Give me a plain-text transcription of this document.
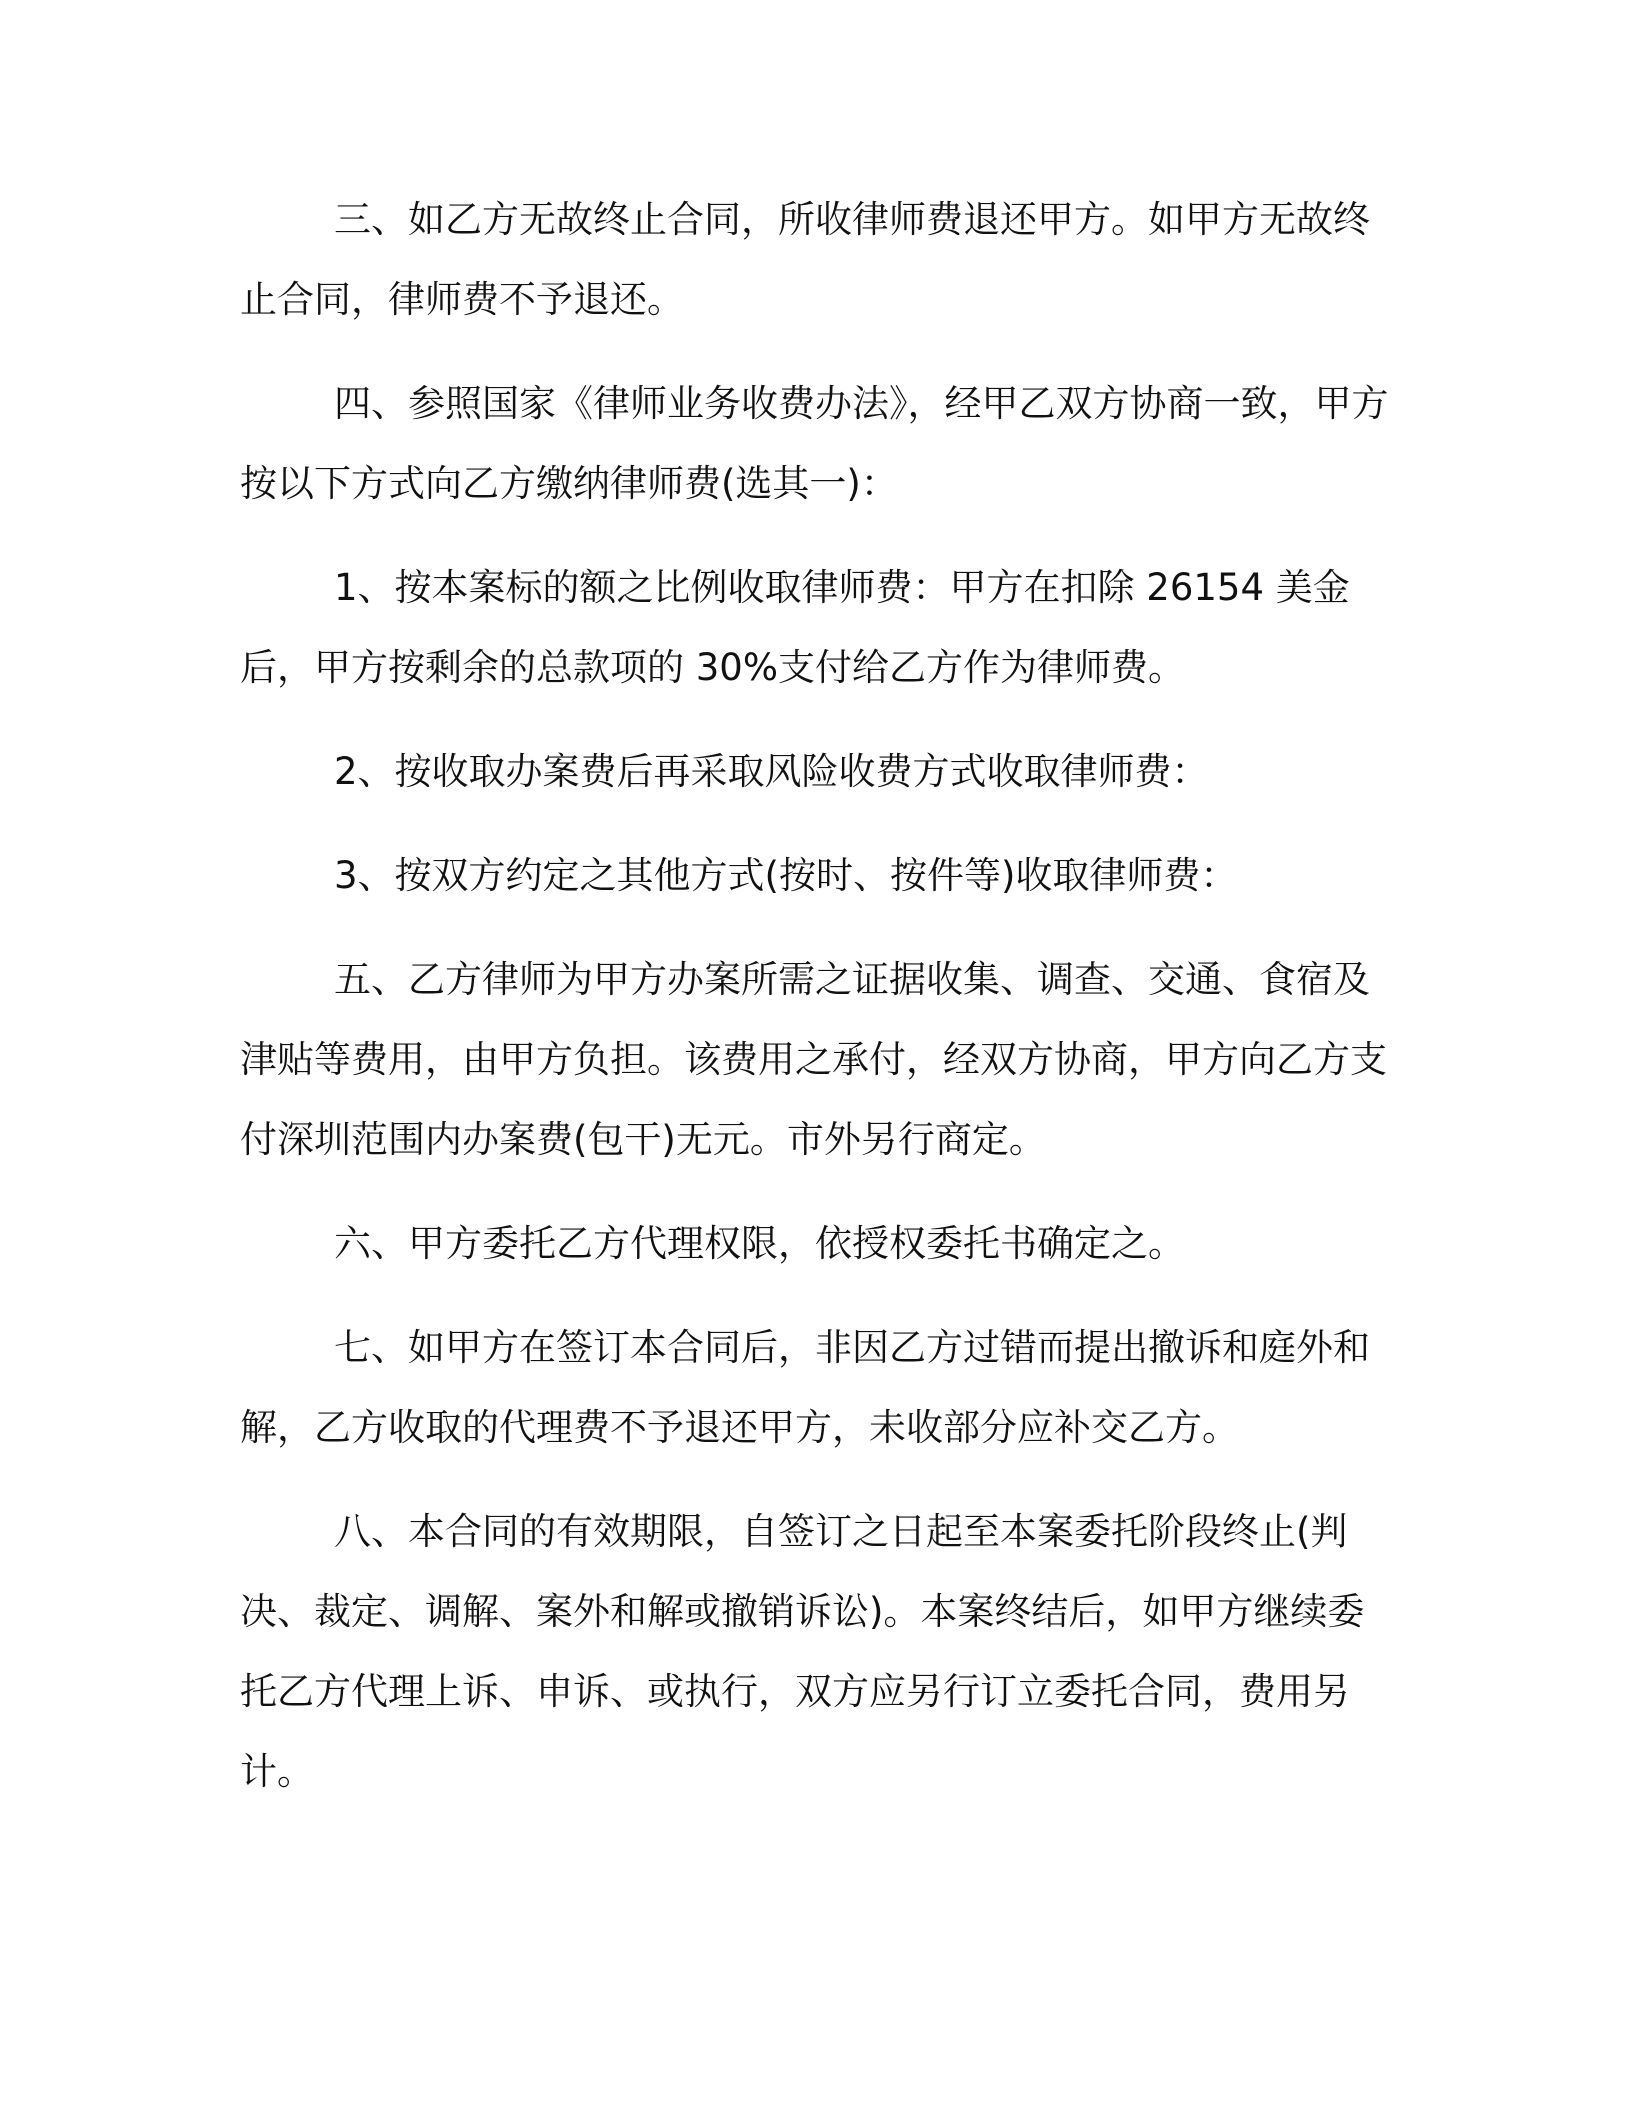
三、如乙方无故终止合同，所收律师费退还甲方。如甲方无故终止合同，律师费不予退还。

四、参照国家《律师业务收费办法》，经甲乙双方协商一致，甲方按以下方式向乙方缴纳律师费(选其一)：

1、按本案标的额之比例收取律师费：甲方在扣除 26154 美金后，甲方按剩余的总款项的 30%支付给乙方作为律师费。

2、按收取办案费后再采取风险收费方式收取律师费：

3、按双方约定之其他方式(按时、按件等)收取律师费：

五、乙方律师为甲方办案所需之证据收集、调查、交通、食宿及津贴等费用，由甲方负担。该费用之承付，经双方协商，甲方向乙方支付深圳范围内办案费(包干)无元。市外另行商定。

六、甲方委托乙方代理权限，依授权委托书确定之。

七、如甲方在签订本合同后，非因乙方过错而提出撤诉和庭外和解，乙方收取的代理费不予退还甲方，未收部分应补交乙方。

八、本合同的有效期限，自签订之日起至本案委托阶段终止(判决、裁定、调解、案外和解或撤销诉讼)。本案终结后，如甲方继续委托乙方代理上诉、申诉、或执行，双方应另行订立委托合同，费用另计。
